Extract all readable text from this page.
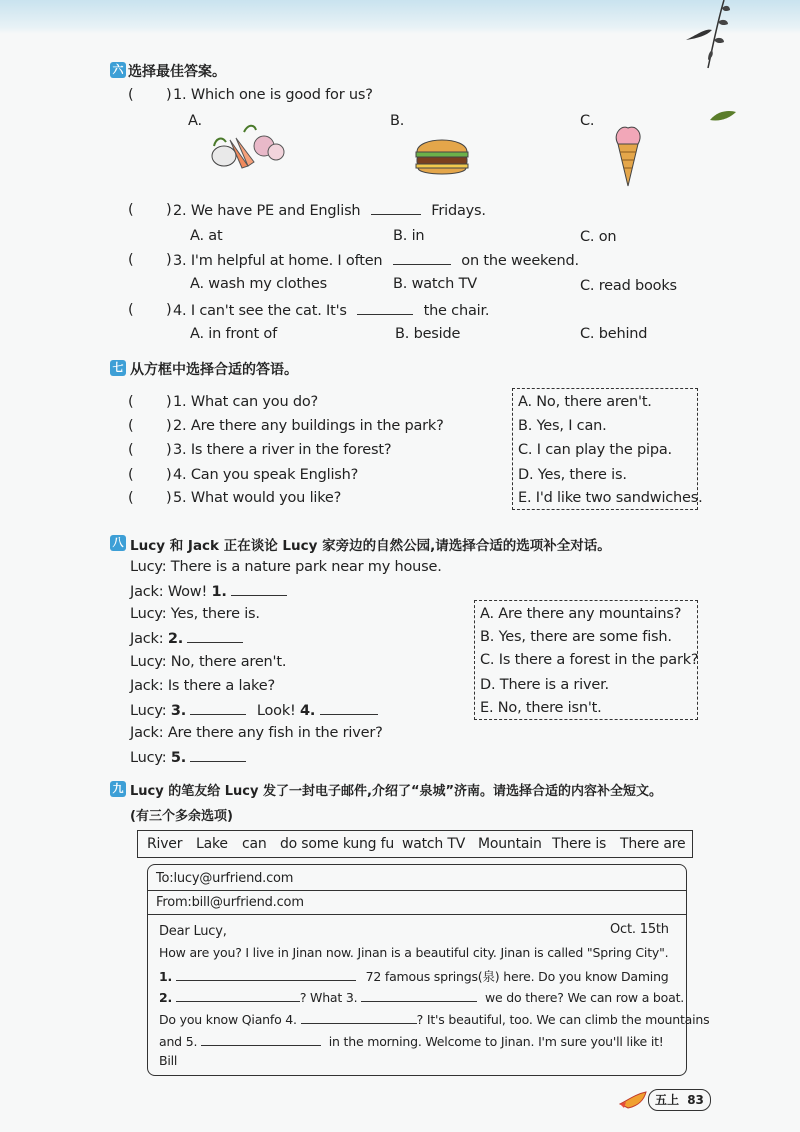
六 选择最佳答案。
( ) 1. Which one is good for us?
A.	B.	C.
( ) 2. We have PE and English	Fridays.
A. at	B. in	C. on
( ) 3. I'm helpful at home. I often	on the weekend.
A. wash my clothes	B. watch TV	C. read books
( ) 4. I can't see the cat. It's	the chair.
A. in front of	B. beside	C. behind
七 从方框中选择合适的答语。
( ) 1. What can you do?
( ) 2. Are there any buildings in the park?
( ) 3. Is there a river in the forest?
( ) 4. Can you speak English?
( ) 5. What would you like?
A. No, there aren't.
B. Yes, I can.
C. I can play the pipa.
D. Yes, there is.
E. I'd like two sandwiches.
八 Lucy 和 Jack 正在谈论 Lucy 家旁边的自然公园,请选择合适的选项补全对话。
Lucy: There is a nature park near my house.
Jack: Wow! 1.
Lucy: Yes, there is.
Jack: 2.
Lucy: No, there aren't.
Jack: Is there a lake?
Lucy: 3.	Look! 4.
Jack: Are there any fish in the river?
Lucy: 5.
A. Are there any mountains?
B. Yes, there are some fish.
C. Is there a forest in the park?
D. There is a river.
E. No, there isn't.
九 Lucy 的笔友给 Lucy 发了一封电子邮件,介绍了“泉城”济南。请选择合适的内容补全短文。
(有三个多余选项)
River Lake can do some kung fu watch TV Mountain There is There are
To:lucy@urfriend.com
From:bill@urfriend.com
Dear Lucy,	Oct. 15th
How are you? I live in Jinan now. Jinan is a beautiful city. Jinan is called "Spring City".
1.	72 famous springs(泉) here. Do you know Daming
2.	? What 3.	we do there? We can row a boat.
Do you know Qianfo 4.	? It's beautiful, too. We can climb the mountains
and 5.	in the morning. Welcome to Jinan. I'm sure you'll like it!
Bill
五上 83
